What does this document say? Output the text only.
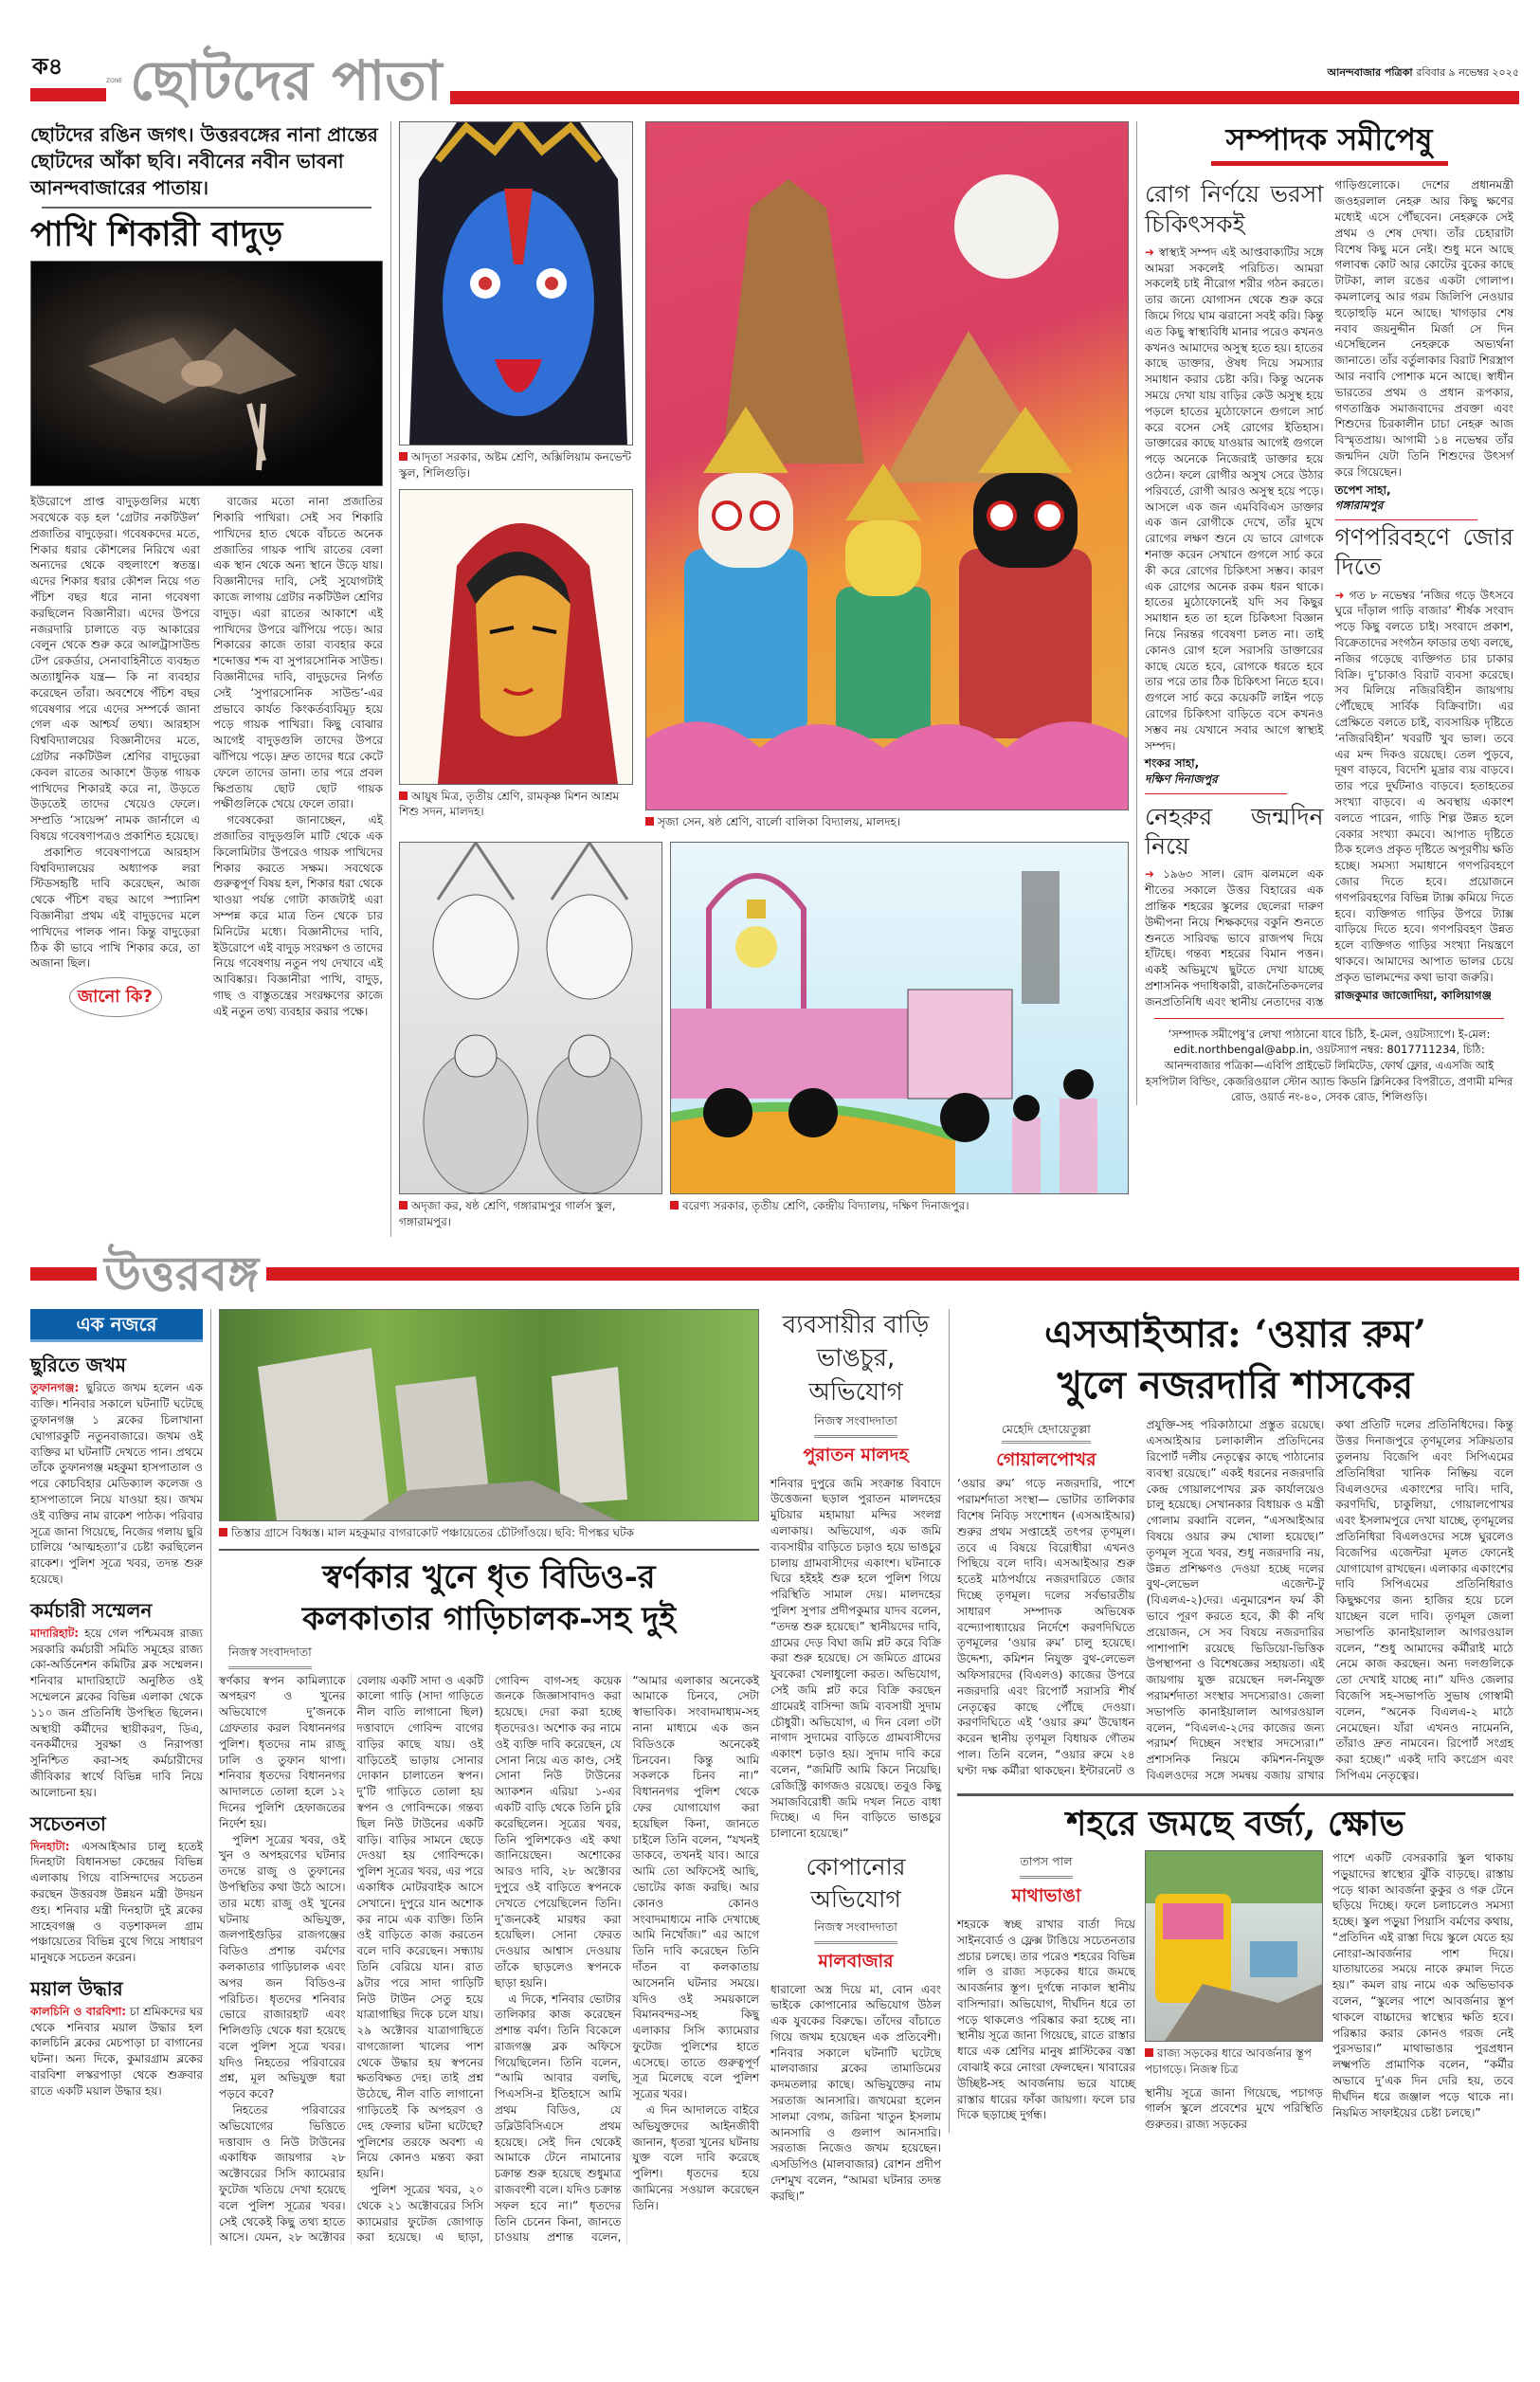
ক৪
ZONE ছোটদের পাতা	আনন্দবাজার পত্রিকা রবিবার ৯ নভেম্বর ২০২৫
ছোটদের রঙিন জগৎ। উত্তরবঙ্গের নানা প্রান্তের ছোটদের আঁকা ছবি। নবীনের নবীন ভাবনা আনন্দবাজারের পাতায়।
পাখি শিকারী বাদুড়

ইউরোপে প্রাপ্ত বাদুড়গুলির মধ্যে সবথেকে বড় হল ‘গ্রেটার নকটিউল’ প্রজাতির বাদুড়েরা। গবেষকদের মতে, শিকার ধরার কৌশলের নিরিখে এরা অন্যদের থেকে বহুলাংশে স্বতন্ত্র। এদের শিকার ধরার কৌশল নিয়ে গত পঁচিশ বছর ধরে নানা গবেষণা করছিলেন বিজ্ঞানীরা। এদের উপরে নজরদারি চালাতে বড় আকারের বেলুন থেকে শুরু করে আলট্রাসাউন্ড টেপ রেকর্ডার, সেনাবাহিনীতে ব্যবহৃত অত্যাধুনিক যন্ত্র— কি না ব্যবহার করেছেন তাঁরা। অবশেষে পঁচিশ বছর গবেষণার পরে এদের সম্পর্কে জানা গেল এক আশ্চর্য তথ্য। আরহাস বিশ্ববিদ্যালয়ের বিজ্ঞানীদের মতে, গ্রেটার নকটিউল শ্রেণির বাদুড়েরা কেবল রাতের আকাশে উড়ন্ত গায়ক পাখিদের শিকারই করে না, উড়তে উড়তেই তাদের খেয়েও ফেলে। সম্প্রতি ‘সায়েন্স’ নামক জার্নালে এ বিষয়ে গবেষণাপত্রও প্রকাশিত হয়েছে।

প্রকাশিত গবেষণাপত্রে আরহাস বিশ্ববিদ্যালয়ের অধ্যাপক লরা স্টিডসহৃষ্টি দাবি করেছেন, আজ থেকে পঁচিশ বছর আগে স্প্যানিশ বিজ্ঞানীরা প্রথম এই বাদুড়দের মলে পাখিদের পালক পান। কিন্তু বাদুড়েরা ঠিক কী ভাবে পাখি শিকার করে, তা অজানা ছিল।

জানো কি?

বাজের মতো নানা প্রজাতির শিকারি পাখিরা। সেই সব শিকারি পাখিদের হাত থেকে বাঁচতে অনেক প্রজাতির গায়ক পাখি রাতের বেলা এক স্থান থেকে অন্য স্থানে উড়ে যায়। বিজ্ঞানীদের দাবি, সেই সুযোগটাই কাজে লাগায় গ্রেটার নকটিউল শ্রেণির বাদুড়। এরা রাতের আকাশে এই পাখিদের উপরে ঝাঁপিয়ে পড়ে। আর শিকারের কাজে তারা ব্যবহার করে শব্দোত্তর শব্দ বা সুপারসোনিক সাউন্ড। বিজ্ঞানীদের দাবি, বাদুড়দের নির্গত সেই ‘সুপারসোনিক সাউন্ড’-এর প্রভাবে কার্যত কিংকর্তব্যবিমূঢ় হয়ে পড়ে গায়ক পাখিরা। কিছু বোঝার আগেই বাদুড়গুলি তাদের উপরে ঝাঁপিয়ে পড়ে। দ্রুত তাদের ধরে কেটে ফেলে তাদের ডানা। তার পরে প্রবল ক্ষিপ্রতায় ছোট ছোট গায়ক পক্ষীগুলিকে খেয়ে ফেলে তারা।

গবেষকেরা জানাচ্ছেন, এই প্রজাতির বাদুড়গুলি মাটি থেকে এক কিলোমিটার উপরেও গায়ক পাখিদের শিকার করতে সক্ষম। সবথেকে গুরুত্বপূর্ণ বিষয় হল, শিকার ধরা থেকে খাওয়া পর্যন্ত গোটা কাজটাই এরা সম্পন্ন করে মাত্র তিন থেকে চার মিনিটের মধ্যে। বিজ্ঞানীদের দাবি, ইউরোপে এই বাদুড় সংরক্ষণ ও তাদের নিয়ে গবেষণায় নতুন পথ দেখাবে এই আবিষ্কার। বিজ্ঞানীরা পাখি, বাদুড়, গাছ ও বাস্তুতন্ত্রের সংরক্ষণের কাজে এই নতুন তথ্য ব্যবহার করার পক্ষে।

আদৃতা সরকার, অষ্টম শ্রেণি, অক্সিলিয়াম কনভেন্ট স্কুল, শিলিগুড়ি।
আয়ুষ মিত্র, তৃতীয় শ্রেণি, রামকৃষ্ণ মিশন আশ্রম শিশু সদন, মালদহ।
সৃজা সেন, ষষ্ঠ শ্রেণি, বার্লো বালিকা বিদ্যালয়, মালদহ।
অদৃজা কর, ষষ্ঠ শ্রেণি, গঙ্গারামপুর গার্লস স্কুল, গঙ্গারামপুর।
বরেণ্য সরকার, তৃতীয় শ্রেণি, কেন্দ্রীয় বিদ্যালয়, দক্ষিণ দিনাজপুর।
সম্পাদক সমীপেষু
রোগ নির্ণয়ে ভরসা চিকিৎসকই
➜ স্বাস্থ্যই সম্পদ এই আপ্তবাক্যটির সঙ্গে আমরা সকলেই পরিচিত। আমরা সকলেই চাই নীরোগ শরীর গঠন করতে। তার জন্যে যোগাসন থেকে শুরু করে জিমে গিয়ে ঘাম ঝরানো সবই করি। কিন্তু এত কিছু স্বাস্থ্যবিধি মানার পরেও কখনও কখনও আমাদের অসুস্থ হতে হয়। হাতের কাছে ডাক্তার, ঔষধ দিয়ে সমস্যার সমাধান করার চেষ্টা করি। কিন্তু অনেক সময়ে দেখা যায় বাড়ির কেউ অসুস্থ হয়ে পড়লে হাতের মুঠোফোনে গুগলে সার্চ করে বসেন সেই রোগের ইতিহাস। ডাক্তারের কাছে যাওয়ার আগেই গুগলে পড়ে অনেকে নিজেরাই ডাক্তার হয়ে ওঠেন। ফলে রোগীর অসুখ সেরে উঠার পরিবর্তে, রোগী আরও অসুস্থ হয়ে পড়ে। আসলে এক জন এমবিবিএস ডাক্তার এক জন রোগীকে দেখে, তাঁর মুখে রোগের লক্ষণ শুনে যে ভাবে রোগকে শনাক্ত করেন সেখানে গুগলে সার্চ করে কী করে রোগের চিকিৎসা সম্ভব। কারণ এক রোগের অনেক রকম ধরন থাকে। হাতের মুঠোফোনেই যদি সব কিছুর সমাধান হত তা হলে চিকিৎসা বিজ্ঞান নিয়ে নিরন্তর গবেষণা চলত না। তাই কোনও রোগ হলে সরাসরি ডাক্তারের কাছে যেতে হবে, রোগকে ধরতে হবে তার পরে তার ঠিক চিকিৎসা নিতে হবে। গুগলে সার্চ করে কয়েকটি লাইন পড়ে রোগের চিকিৎসা বাড়িতে বসে কখনও সম্ভব নয় যেখানে সবার আগে স্বাস্থ্যই সম্পদ।
শংকর সাহা,
দক্ষিণ দিনাজপুর
নেহরুর জন্মদিন নিয়ে
➜ ১৯৬৩ সাল। রোদ ঝলমলে এক শীতের সকালে উত্তর বিহারের এক প্রান্তিক শহরের স্কুলের ছেলেরা দারুণ উদ্দীপনা নিয়ে শিক্ষকদের বকুনি শুনতে শুনতে সারিবদ্ধ ভাবে রাজপথ দিয়ে হাঁটছে। গন্তব্য শহরের বিমান পত্তন। একই অভিমুখে ছুটতে দেখা যাচ্ছে প্রশাসনিক পদাধিকারী, রাজনৈতিকদলের জনপ্রতিনিধি এবং স্থানীয় নেতাদের ব্যস্ত গাড়িগুলোকে। দেশের প্রধানমন্ত্রী জওহরলাল নেহরু আর কিছু ক্ষণের মধ্যেই এসে পৌঁছবেন। নেহরুকে সেই প্রথম ও শেষ দেখা। তাঁর চেহারাটা বিশেষ কিছু মনে নেই। শুধু মনে আছে গলাবন্ধ কোট আর কোটের বুকের কাছে টাটকা, লাল রঙের একটা গোলাপ। কমলালেবু আর গরম জিলিপি নেওয়ার হুড়োহুড়ি মনে আছে। খাগড়ার শেষ নবাব জয়নুদ্দীন মির্জা সে দিন এসেছিলেন নেহরুকে অভ্যর্থনা জানাতে। তাঁর বর্তুলাকার বিরাট শিরস্ত্রাণ আর নবাবি পোশাক মনে আছে। স্বাধীন ভারতের প্রথম ও প্রধান রূপকার, গণতান্ত্রিক সমাজবাদের প্রবক্তা এবং শিশুদের চিরকালীন চাচা নেহরু আজ বিস্মৃতপ্রায়। আগামী ১৪ নভেম্বর তাঁর জন্মদিন যেটা তিনি শিশুদের উৎসর্গ করে গিয়েছেন।
তপেশ সাহা,
গঙ্গারামপুর
গণপরিবহণে জোর দিতে
➜ গত ৮ নভেম্বর ‘নজির গড়ে উৎসবে ঘুরে দাঁড়াল গাড়ি বাজার’ শীর্ষক সংবাদ পড়ে কিছু বলতে চাই। সংবাদে প্রকাশ, বিক্রেতাদের সংগঠন ফাডার তথ্য বলছে, নজির গড়েছে ব্যক্তিগত চার চাকার বিক্রি। দু’চাকাও বিরাট ব্যবসা করেছে। সব মিলিয়ে নজিরবিহীন জায়গায় পৌঁছেছে সার্বিক বিক্রিবাটা। এর প্রেক্ষিতে বলতে চাই, ব্যবসায়িক দৃষ্টিতে ‘নজিরবিহীন’ খবরটি খুব ভাল। তবে এর মন্দ দিকও রয়েছে। তেল পুড়বে, দূষণ বাড়বে, বিদেশি মুদ্রার ব্যয় বাড়বে। তার পরে দুর্ঘটনাও বাড়বে। হতাহতের সংখ্যা বাড়বে। এ অবস্থায় একাংশ বলতে পারেন, গাড়ি শিল্প উন্নত হলে বেকার সংখ্যা কমবে। আপাত দৃষ্টিতে ঠিক হলেও প্রকৃত দৃষ্টিতে অপূরণীয় ক্ষতি হচ্ছে। সমস্যা সমাধানে গণপরিবহণে জোর দিতে হবে। প্রয়োজনে গণপরিবহণের বিভিন্ন ট্যাক্স কমিয়ে দিতে হবে। ব্যক্তিগত গাড়ির উপরে ট্যাক্স বাড়িয়ে দিতে হবে। গণপরিবহণ উন্নত হলে ব্যক্তিগত গাড়ির সংখ্যা নিয়ন্ত্রণে থাকবে। আমাদের আপাত ভালর চেয়ে প্রকৃত ভালমন্দের কথা ভাবা জরুরি।
রাজকুমার জাজোদিয়া, কালিয়াগঞ্জ
‘সম্পাদক সমীপেষু’র লেখা পাঠানো যাবে চিঠি, ই-মেল, ওয়টস্যাপে। ই-মেল: edit.northbengal@abp.in, ওয়টস্যাপ নম্বর: 8017711234, চিঠি: আনন্দবাজার পত্রিকা—এবিপি প্রাইভেট লিমিটেড, ফোর্থ ফ্লোর, এএসজি আই হসপিটাল বিল্ডিং, কেজরিওয়াল স্টোন অ্যান্ড কিডনি ক্লিনিকের বিপরীতে, প্রণামী মন্দির রোড, ওয়ার্ড নং-৪০, সেবক রোড, শিলিগুড়ি।
উত্তরবঙ্গ
এক নজরে
ছুরিতে জখম
তুফানগঞ্জ: ছুরিতে জখম হলেন এক ব্যক্তি। শনিবার সকালে ঘটনাটি ঘটেছে তুফানগঞ্জ ১ ব্লকের চিলাখানা ঘোগারকুটি নতুনবাজারে। জখম ওই ব্যক্তির মা ঘটনাটি দেখতে পান। প্রথমে তাঁকে তুফানগঞ্জ মহকুমা হাসপাতাল ও পরে কোচবিহার মেডিক্যাল কলেজ ও হাসপাতালে নিয়ে যাওয়া হয়। জখম ওই ব্যক্তির নাম রাকেশ পাঠক। পরিবার সূত্রে জানা গিয়েছে, নিজের গলায় ছুরি চালিয়ে ‘আত্মহত্যা’র চেষ্টা করছিলেন রাকেশ। পুলিশ সূত্রে খবর, তদন্ত শুরু হয়েছে।
কর্মচারী সম্মেলন
মাদারিহাট: হয়ে গেল পশ্চিমবঙ্গ রাজ্য সরকারি কর্মচারী সমিতি সমূহের রাজ্য কো-অর্ডিনেশন কমিটির ব্লক সম্মেলন। শনিবার মাদারিহাটে অনুষ্ঠিত ওই সম্মেলনে ব্লকের বিভিন্ন এলাকা থেকে ১১০ জন প্রতিনিধি উপস্থিত ছিলেন। অস্থায়ী কর্মীদের স্থায়ীকরণ, ডিএ, বনকর্মীদের সুরক্ষা ও নিরাপত্তা সুনিশ্চিত করা-সহ কর্মচারীদের জীবিকার স্বার্থে বিভিন্ন দাবি নিয়ে আলোচনা হয়।
সচেতনতা
দিনহাটা: এসআইআর চালু হতেই দিনহাটা বিধানসভা কেন্দ্রের বিভিন্ন এলাকায় গিয়ে বাসিন্দাদের সচেতন করছেন উত্তরবঙ্গ উন্নয়ন মন্ত্রী উদয়ন গুহ। শনিবার মন্ত্রী দিনহাটা দুই ব্লকের সাহেবগঞ্জ ও বড়শাকদল গ্রাম পঞ্চায়েতের বিভিন্ন বুথে গিয়ে সাধারণ মানুষকে সচেতন করেন।
ময়াল উদ্ধার
কালচিনি ও বারবিশা: চা শ্রমিকদের ঘর থেকে শনিবার ময়াল উদ্ধার হল কালচিনি ব্লকের মেচপাড়া চা বাগানের ঘটনা। অন্য দিকে, কুমারগ্রাম ব্লকের বারবিশা লস্করপাড়া থেকে শুক্রবার রাতে একটি ময়াল উদ্ধার হয়।
তিস্তার গ্রাসে বিধ্বস্ত। মাল মহকুমার বাগরাকোট পঞ্চায়েতের চৌটগাঁওয়ে। ছবি: দীপঙ্কর ঘটক
স্বর্ণকার খুনে ধৃত বিডিও-র
কলকাতার গাড়িচালক-সহ দুই
নিজস্ব সংবাদদাতা

স্বর্ণকার স্বপন কামিল্যাকে অপহরণ ও খুনের অভিযোগে দু’জনকে গ্রেফতার করল বিধাননগর পুলিশ। ধৃতদের নাম রাজু ঢালি ও তুফান থাপা। শনিবার ধৃতদের বিধাননগর আদালতে তোলা হলে ১২ দিনের পুলিশি হেফাজতের নির্দেশ হয়।

পুলিশ সূত্রের খবর, ওই খুন ও অপহরণের ঘটনার তদন্তে রাজু ও তুফানের উপস্থিতির কথা উঠে আসে। তার মধ্যে রাজু ওই খুনের ঘটনায় অভিযুক্ত, জলপাইগুড়ির রাজগঞ্জের বিডিও প্রশান্ত বর্মণের কলকাতার গাড়িচালক এবং অপর জন বিডিও-র পরিচিত। ধৃতদের শনিবার ভোরে রাজারহাট এবং শিলিগুড়ি থেকে ধরা হয়েছে বলে পুলিশ সূত্রে খবর। যদিও নিহতের পরিবারের প্রশ্ন, মূল অভিযুক্ত ধরা পড়বে কবে?

নিহতের পরিবারের অভিযোগের ভিত্তিতে দত্তাবাদ ও নিউ টাউনের একাধিক জায়গার ২৮ অক্টোবরের সিসি ক্যামেরার ফুটেজ খতিয়ে দেখা হয়েছে বলে পুলিশ সূত্রের খবর। সেই থেকেই কিছু তথ্য হাতে আসে। যেমন, ২৮ অক্টোবর বেলায় একটি সাদা ও একটি কালো গাড়ি (সাদা গাড়িতে নীল বাতি লাগানো ছিল) দত্তাবাদে গোবিন্দ বাগের বাড়ির কাছে যায়। ওই বাড়িতেই ভাড়ায় সোনার দোকান চালাতেন স্বপন। দু’টি গাড়িতে তোলা হয় স্বপন ও গোবিন্দকে। গন্তব্য ছিল নিউ টাউনের একটি বাড়ি। বাড়ির সামনে ছেড়ে দেওয়া হয় গোবিন্দকে। পুলিশ সূত্রের খবর, এর পরে একাধিক মোটরবাইক আসে সেখানে। দুপুরে যান অশোক কর নামে এক ব্যক্তি। তিনি ওই বাড়িতে কাজ করতেন বলে দাবি করেছেন। সন্ধ্যায় তিনি বেরিয়ে যান। রাত ৯টার পরে সাদা গাড়িটি নিউ টাউন সেতু হয়ে যাত্রাগাছির দিকে চলে যায়। ২৯ অক্টোবর যাত্রাগাছিতে বাগজোলা খালের পাশ থেকে উদ্ধার হয় স্বপনের ক্ষতবিক্ষত দেহ। তাই প্রশ্ন উঠেছে, নীল বাতি লাগানো গাড়িতেই কি অপহরণ ও দেহ ফেলার ঘটনা ঘটেছে? পুলিশের তরফে অবশ্য এ নিয়ে কোনও মন্তব্য করা হয়নি।

পুলিশ সূত্রের খবর, ২০ থেকে ২১ অক্টোবরের সিসি ক্যামেরার ফুটেজ জোগাড় করা হয়েছে। এ ছাড়া, গোবিন্দ বাগ-সহ কয়েক জনকে জিজ্ঞাসাবাদও করা হয়েছে। দেরা করা হচ্ছে ধৃতদেরও। অশোক কর নামে ওই ব্যক্তি দাবি করেছেন, যে সোনা নিয়ে এত কাণ্ড, সেই সোনা নিউ টাউনের অ্যাকশন এরিয়া ১-এর একটি বাড়ি থেকে তিনি চুরি করেছিলেন। সূত্রের খবর, তিনি পুলিশকেও এই কথা জানিয়েছেন। অশোকের আরও দাবি, ২৮ অক্টোবর দুপুরে ওই বাড়িতে স্বপনকে দেখতে পেয়েছিলেন তিনি। দু’জনকেই মারধর করা হয়েছিল। সোনা ফেরত দেওয়ার আশ্বাস দেওয়ায় তাঁকে ছাড়লেও স্বপনকে ছাড়া হয়নি।

এ দিকে, শনিবার ভোটার তালিকার কাজ করেছেন প্রশান্ত বর্মণ। তিনি বিকেলে রাজগঞ্জ ব্লক অফিসে গিয়েছিলেন। তিনি বলেন, “আমি আবার বলছি, পিএসসি-র ইতিহাসে আমি প্রথম বিডিও, যে ডব্লিউবিসিএসে প্রথম হয়েছে। সেই দিন থেকেই আমাকে টেনে নামানোর চক্রান্ত শুরু হয়েছে শুধুমাত্র রাজবংশী বলে। যদিও চক্রান্ত সফল হবে না।” ধৃতদের তিনি চেনেন কিনা, জানতে চাওয়ায় প্রশান্ত বলেন, “আমার এলাকার অনেকেই আমাকে চিনবে, সেটা স্বাভাবিক। সংবাদমাধ্যম-সহ নানা মাধ্যমে এক জন বিডিওকে অনেকেই চিনবেন। কিন্তু আমি সকলকে চিনব না।” বিধাননগর পুলিশ থেকে ফের যোগাযোগ করা হয়েছিল কিনা, জানতে চাইলে তিনি বলেন, “যখনই ডাকবে, তখনই যাব। আরে আমি তো অফিসেই আছি, ভোটের কাজ করছি। আর কোনও কোনও সংবাদমাধ্যমে নাকি দেখাচ্ছে আমি নিখোঁজ।” এর আগে তিনি দাবি করেছেন তিনি দাঁতন বা কলকাতায় আসেননি ঘটনার সময়ে। যদিও ওই সময়কালে বিমানবন্দর-সহ কিছু এলাকার সিসি ক্যামেরার ফুটেজ পুলিশের হাতে এসেছে। তাতে গুরুত্বপূর্ণ সূত্র মিলেছে বলে পুলিশ সূত্রের খবর।

এ দিন আদালতে বাইরে অভিযুক্তদের আইনজীবী জানান, ধৃতরা খুনের ঘটনায় যুক্ত বলে দাবি করেছে পুলিশ। ধৃতদের হয়ে জামিনের সওয়াল করেছেন তিনি।

ব্যবসায়ীর বাড়ি ভাঙচুর, অভিযোগ
নিজস্ব সংবাদদাতা
পুরাতন মালদহ
শনিবার দুপুরে জমি সংক্রান্ত বিবাদে উত্তেজনা ছড়াল পুরাতন মালদহের মুচিয়ার মহামায়া মন্দির সংলগ্ন এলাকায়। অভিযোগ, এক জমি ব্যবসায়ীর বাড়িতে চড়াও হয়ে ভাঙচুর চালায় গ্রামবাসীদের একাংশ। ঘটনাকে ঘিরে হইহই শুরু হলে পুলিশ গিয়ে পরিস্থিতি সামাল দেয়। মালদহের পুলিশ সুপার প্রদীপকুমার যাদব বলেন, “তদন্ত শুরু হয়েছে।” স্থানীয়দের দাবি, গ্রামের দেড় বিঘা জমি প্লট করে বিক্রি করা শুরু হয়েছে। সে জমিতে গ্রামের যুবকেরা খেলাধুলো করত। অভিযোগ, সেই জমি প্লট করে বিক্রি করছেন গ্রামেরই বাসিন্দা জমি ব্যবসায়ী সুদাম চৌধুরী। অভিযোগ, এ দিন বেলা ৩টা নাগাদ সুদামের বাড়িতে গ্রামবাসীদের একাংশ চড়াও হয়। সুদাম দাবি করে বলেন, “জমিটি আমি কিনে নিয়েছি। রেজিস্ট্রি কাগজও রয়েছে। তবুও কিছু সমাজবিরোধী জমি দখল নিতে বাধা দিচ্ছে। এ দিন বাড়িতে ভাঙচুর চালানো হয়েছে।”
কোপানোর অভিযোগ
নিজস্ব সংবাদদাতা
মালবাজার
ধারালো অস্ত্র দিয়ে মা, বোন এবং ভাইকে কোপানোর অভিযোগ উঠল এক যুবকের বিরুদ্ধে। তাঁদের বাঁচাতে গিয়ে জখম হয়েছেন এক প্রতিবেশী। শনিবার সকালে ঘটনাটি ঘটেছে মালবাজার ব্লকের তামাডিমের কদমতলার কাছে। অভিযুক্তের নাম সরতাজ আনসারি। জখমেরা হলেন সালমা বেগম, জরিনা খাতুন ইসলাম আনসারি ও গুলাপ আনসারি। সরতাজ নিজেও জখম হয়েছেন। এসডিপিও (মালবাজার) রোশন প্রদীপ দেশমুখ বলেন, “আমরা ঘটনার তদন্ত করছি।”
এসআইআর: ‘ওয়ার রুম’
খুলে নজরদারি শাসকের
মেহেদি হেদায়েতুল্লা
গোয়ালপোখর
‘ওয়ার রুম’ গড়ে নজরদারি, পাশে পরামর্শদাতা সংস্থা— ভোটার তালিকার বিশেষ নিবিড় সংশোধন (এসআইআর) শুরুর প্রথম সপ্তাহেই তৎপর তৃণমূল। তবে এ বিষয়ে বিরোধীরা এখনও পিছিয়ে বলে দাবি। এসআইআর শুরু হতেই মাঠপর্যায়ে নজরদারিতে জোর দিচ্ছে তৃণমূল। দলের সর্বভারতীয় সাধারণ সম্পাদক অভিষেক বন্দ্যোপাধ্যায়ের নির্দেশে করণদিঘিতে তৃণমূলের ‘ওয়ার রুম’ চালু হয়েছে। উদ্দেশ্য, কমিশন নিযুক্ত বুথ-লেভেল অফিসারদের (বিএলও) কাজের উপরে নজরদারি এবং রিপোর্ট সরাসরি শীর্ষ নেতৃত্বের কাছে পৌঁছে দেওয়া। করণদিঘিতে এই ‘ওয়ার রুম’ উদ্বোধন করেন স্থানীয় তৃণমূল বিধায়ক গৌতম পাল। তিনি বলেন, “ওয়ার রুমে ২৪ ঘণ্টা দক্ষ কর্মীরা থাকছেন। ইন্টারনেট ও প্রযুক্তি-সহ পরিকাঠামো প্রস্তুত রয়েছে। এসআইআর চলাকালীন প্রতিদিনের রিপোর্ট দলীয় নেতৃত্বের কাছে পাঠানোর ব্যবস্থা রয়েছে।” একই ধরনের নজরদারি কেন্দ্র গোয়ালপোখর ব্লক কার্যালয়েও চালু হয়েছে। সেখানকার বিধায়ক ও মন্ত্রী গোলাম রব্বানি বলেন, “এসআইআর বিষয়ে ওয়ার রুম খোলা হয়েছে।” তৃণমূল সূত্রে খবর, শুধু নজরদারি নয়, উন্নত প্রশিক্ষণও দেওয়া হচ্ছে দলের বুথ-লেভেল এজেন্ট-টু (বিএলএ-২)দের। এনুমারেশন ফর্ম কী ভাবে পূরণ করতে হবে, কী কী নথি প্রয়োজন, সে সব বিষয়ে নজরদারির পাশাপাশি রয়েছে ভিডিয়ো-ভিত্তিক উপস্থাপনা ও বিশেষজ্ঞের সহায়তা। এই জায়গায় যুক্ত রয়েছেন দল-নিযুক্ত পরামর্শদাতা সংস্থার সদস্যেরাও। জেলা সভাপতি কানাইয়ালাল আগরওয়াল বলেন, “বিএলএ-২দের কাজের জন্য পরামর্শ দিচ্ছেন সংস্থার সদস্যেরা।” প্রশাসনিক নিয়মে কমিশন-নিযুক্ত বিএলওদের সঙ্গে সমন্বয় বজায় রাখার কথা প্রতিটি দলের প্রতিনিধিদের। কিন্তু উত্তর দিনাজপুরে তৃণমূলের সক্রিয়তার তুলনায় বিজেপি এবং সিপিএমের প্রতিনিধিরা খানিক নিষ্ক্রিয় বলে বিএলওদের একাংশের দাবি। দাবি, করণদিঘি, চাকুলিয়া, গোয়ালপোখর এবং ইসলামপুরে দেখা যাচ্ছে, তৃণমূলের প্রতিনিধিরা বিএলওদের সঙ্গে ঘুরলেও বিজেপির এজেন্টরা মূলত ফোনেই যোগাযোগ রাখছেন। এলাকার একাংশের দাবি সিপিএমের প্রতিনিধিরাও কিছুক্ষণের জন্য হাজির হয়ে চলে যাচ্ছেন বলে দাবি। তৃণমূল জেলা সভাপতি কানাইয়ালাল আগরওয়াল বলেন, “শুধু আমাদের কর্মীরাই মাঠে নেমে কাজ করছেন। অন্য দলগুলিকে তো দেখাই যাচ্ছে না।” যদিও জেলার বিজেপি সহ-সভাপতি সুভাষ গোস্বামী বলেন, “অনেক বিএলএ-২ মাঠে নেমেছেন। যাঁরা এখনও নামেননি, তাঁরাও দ্রুত নামবেন। রিপোর্ট সংগ্রহ করা হচ্ছে।” একই দাবি কংগ্রেস এবং সিপিএম নেতৃত্বের।
শহরে জমছে বর্জ্য, ক্ষোভ
তাপস পাল
মাথাভাঙা
শহরকে স্বচ্ছ রাখার বার্তা দিয়ে সাইনবোর্ড ও ফ্লেক্স টাঙিয়ে সচেতনতার প্রচার চলছে। তার পরেও শহরের বিভিন্ন গলি ও রাজ্য সড়কের ধারে জমছে আবর্জনার স্তূপ। দুর্গন্ধে নাকাল স্থানীয় বাসিন্দারা। অভিযোগ, দীর্ঘদিন ধরে তা পড়ে থাকলেও পরিষ্কার করা হচ্ছে না। স্থানীয় সূত্রে জানা গিয়েছে, রাতে রাস্তার ধারে এক শ্রেণির মানুষ প্লাস্টিকের বস্তা বোঝাই করে নোংরা ফেলছেন। খাবারের উচ্ছিষ্ট-সহ আবর্জনায় ভরে যাচ্ছে রাস্তার ধারের ফাঁকা জায়গা। ফলে চার দিকে ছড়াচ্ছে দুর্গন্ধ।
রাজ্য সড়কের ধারে আবর্জনার স্তূপ পচাগড়ে। নিজস্ব চিত্র
স্থানীয় সূত্রে জানা গিয়েছে, পচাগড় গার্লস স্কুলে প্রবেশের মুখে পরিস্থিতি গুরুতর। রাজ্য সড়কের
পাশে একটি বেসরকারি স্কুল থাকায় পড়ুয়াদের স্বাস্থ্যের ঝুঁকি বাড়ছে। রাস্তায় পড়ে থাকা আবর্জনা কুকুর ও গরু টেনে ছড়িয়ে দিচ্ছে। ফলে চলাচলেও সমস্যা হচ্ছে। স্কুল পড়ুয়া পিয়াসি বর্মণের কথায়, “প্রতিদিন এই রাস্তা দিয়ে স্কুলে যেতে হয় নোংরা-আবর্জনার পাশ দিয়ে। যাতায়াতের সময়ে নাকে রুমাল দিতে হয়।” কমল রায় নামে এক অভিভাবক বলেন, “স্কুলের পাশে আবর্জনার স্তূপ থাকলে বাচ্চাদের স্বাস্থ্যের ক্ষতি হবে। পরিষ্কার করার কোনও গরজ নেই পুরসভার।” মাথাভাঙার পুরপ্রধান লক্ষ্মপতি প্রামাণিক বলেন, “কর্মীর অভাবে দু’এক দিন দেরি হয়, তবে দীর্ঘদিন ধরে জঞ্জাল পড়ে থাকে না। নিয়মিত সাফাইয়ের চেষ্টা চলছে।”
